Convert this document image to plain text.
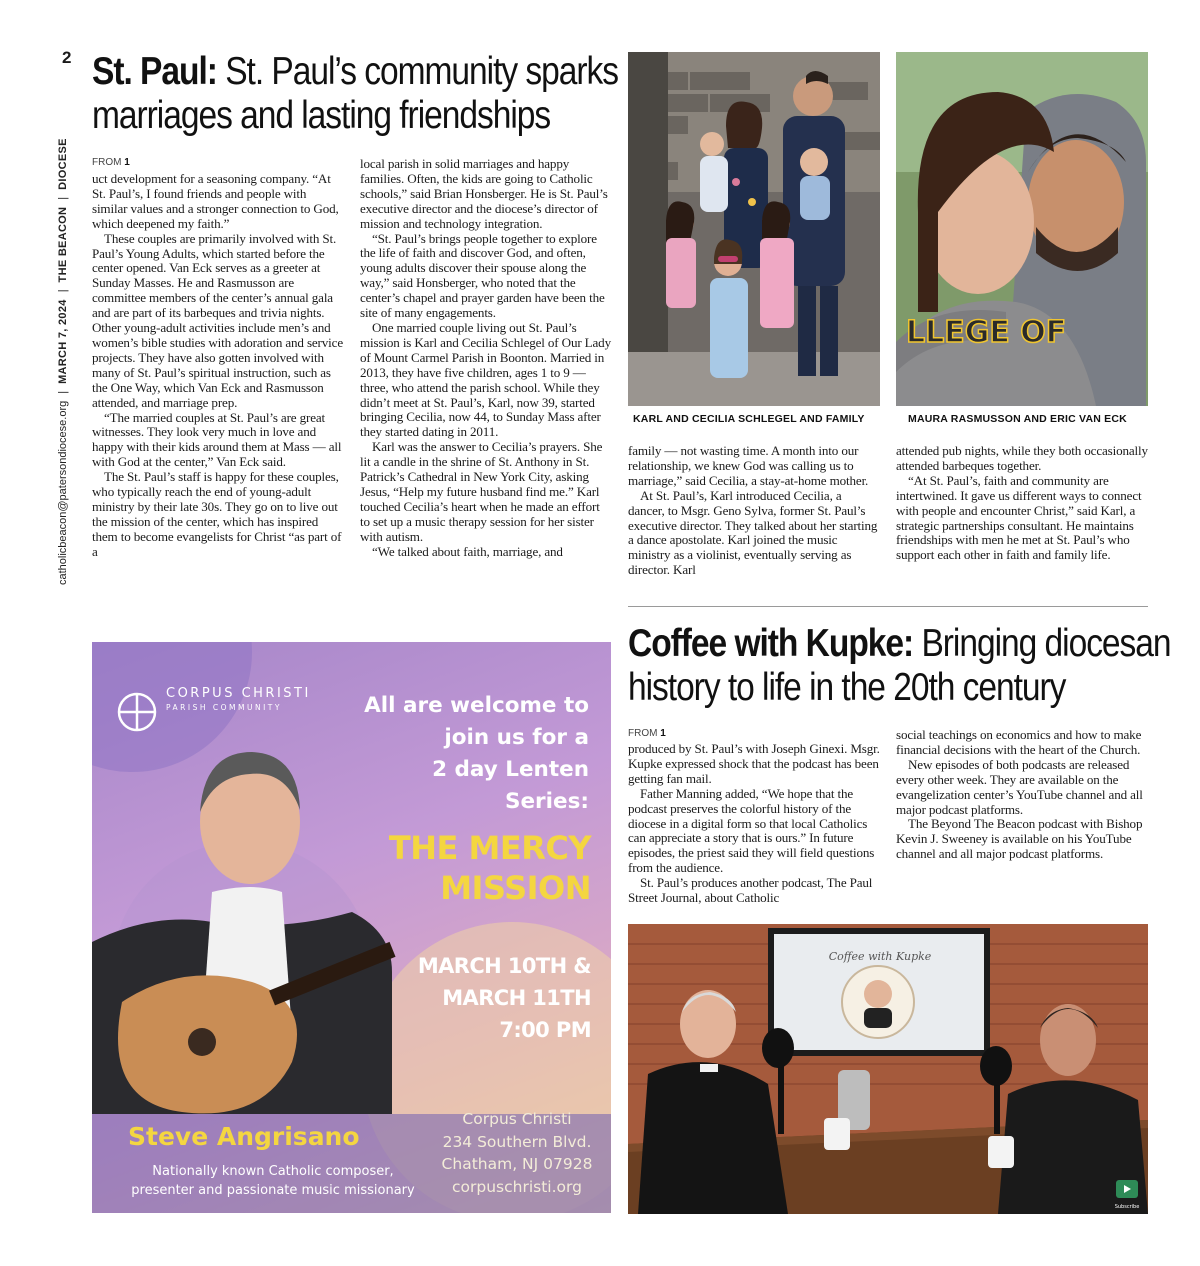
2
catholicbeacon@patersondiocese.org
|
MARCH 7, 2024
|
THE BEACON
|
DIOCESE
St. Paul: St. Paul’s community sparks marriages and lasting friendships
FROM 1

uct development for a seasoning company. “At St. Paul’s, I found friends and people with similar values and a stronger connection to God, which deepened my faith.”

These couples are primarily involved with St. Paul’s Young Adults, which started before the center opened. Van Eck serves as a greeter at Sunday Masses. He and Rasmusson are committee members of the center’s annual gala and are part of its barbeques and trivia nights. Other young-adult activities include men’s and women’s bible studies with adoration and service projects. They have also gotten involved with many of St. Paul’s spiritual instruction, such as the One Way, which Van Eck and Rasmusson attended, and marriage prep.

“The married couples at St. Paul’s are great witnesses. They look very much in love and happy with their kids around them at Mass — all with God at the center,” Van Eck said.

The St. Paul’s staff is happy for these couples, who typically reach the end of young-adult ministry by their late 30s. They go on to live out the mission of the center, which has inspired them to become evangelists for Christ “as part of a

local parish in solid marriages and happy families. Often, the kids are going to Catholic schools,” said Brian Honsberger. He is St. Paul’s executive director and the diocese’s director of mission and technology integration.

“St. Paul’s brings people together to explore the life of faith and discover God, and often, young adults discover their spouse along the way,” said Honsberger, who noted that the center’s chapel and prayer garden have been the site of many engagements.

One married couple living out St. Paul’s mission is Karl and Cecilia Schlegel of Our Lady of Mount Carmel Parish in Boonton. Married in 2013, they have five children, ages 1 to 9 — three, who attend the parish school. While they didn’t meet at St. Paul’s, Karl, now 39, started bringing Cecilia, now 44, to Sunday Mass after they started dating in 2011.

Karl was the answer to Cecilia’s prayers. She lit a candle in the shrine of St. Anthony in St. Patrick’s Cathedral in New York City, asking Jesus, “Help my future husband find me.” Karl touched Cecilia’s heart when he made an effort to set up a music therapy session for her sister with autism.

“We talked about faith, marriage, and

family — not wasting time. A month into our relationship, we knew God was calling us to marriage,” said Cecilia, a stay-at-home mother.

At St. Paul’s, Karl introduced Cecilia, a dancer, to Msgr. Geno Sylva, former St. Paul’s executive director. They talked about her starting a dance apostolate. Karl joined the music ministry as a violinist, eventually serving as director. Karl

attended pub nights, while they both occasionally attended barbeques together.

“At St. Paul’s, faith and community are intertwined. It gave us different ways to connect with people and encounter Christ,” said Karl, a strategic partnerships consultant. He maintains friendships with men he met at St. Paul’s who support each other in faith and family life.

KARL AND CECILIA SCHLEGEL AND FAMILY
LLEGE OF
MAURA RASMUSSON AND ERIC VAN ECK
Coffee with Kupke: Bringing diocesan history to life in the 20th century
FROM 1

produced by St. Paul’s with Joseph Ginexi. Msgr. Kupke expressed shock that the podcast has been getting fan mail.

Father Manning added, “We hope that the podcast preserves the colorful history of the diocese in a digital form so that local Catholics can appreciate a story that is ours.” In future episodes, the priest said they will field questions from the audience.

St. Paul’s produces another podcast, The Paul Street Journal, about Catholic

social teachings on economics and how to make financial decisions with the heart of the Church.

New episodes of both podcasts are released every other week. They are available on the evangelization center’s YouTube channel and all major podcast platforms.

The Beyond The Beacon podcast with Bishop Kevin J. Sweeney is available on his YouTube channel and all major podcast platforms.

Coffee with Kupke
Subscribe
CORPUS CHRISTI
PARISH COMMUNITY	All are welcome to
join us for a
2 day Lenten
Series:
THE MERCY
MISSION
MARCH 10TH &
MARCH 11TH
7:00 PM
Steve Angrisano
Nationally known Catholic composer,
presenter and passionate music missionary
Corpus Christi
234 Southern Blvd.
Chatham, NJ 07928
corpuschristi.org
